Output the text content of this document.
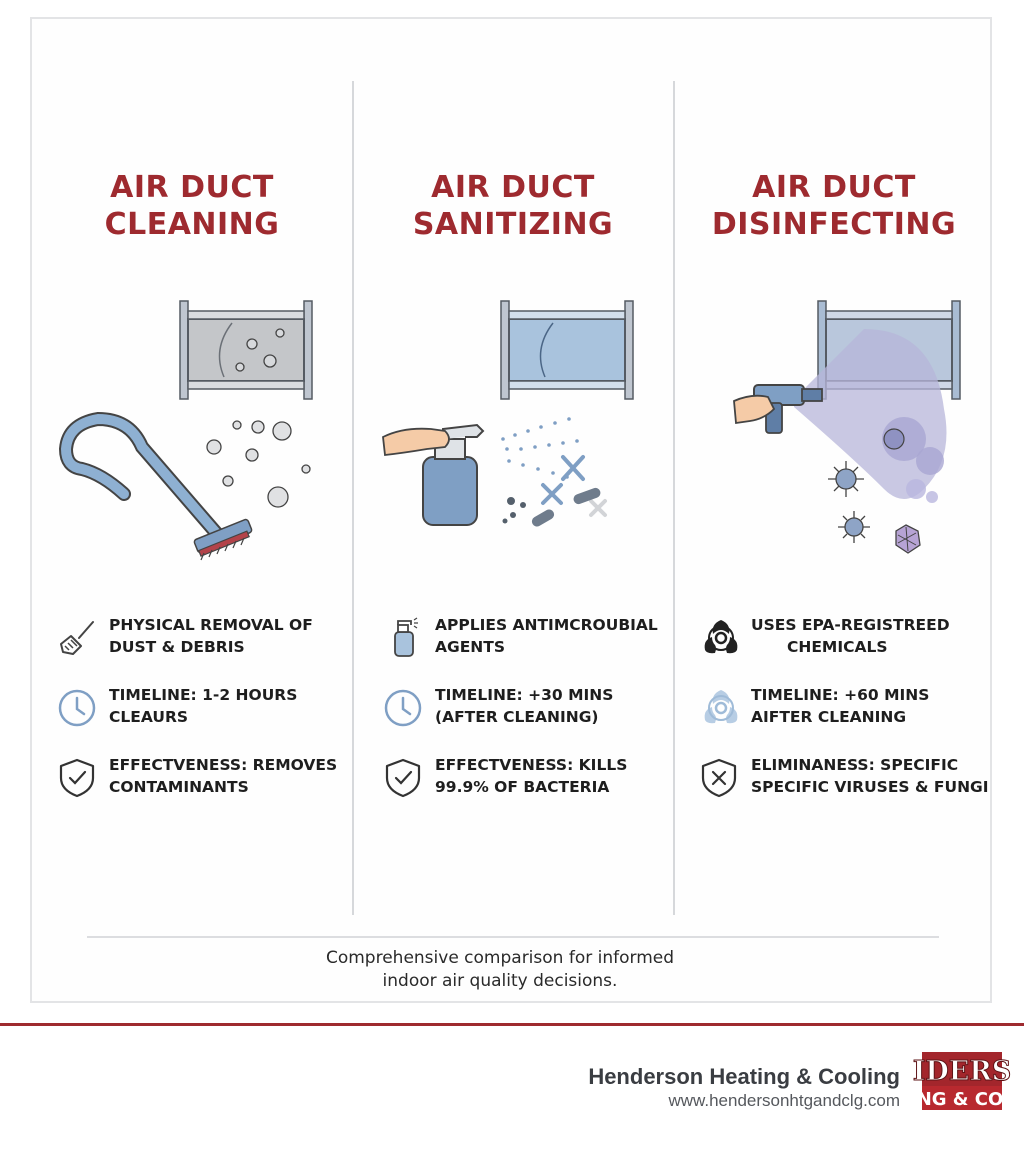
AIR DUCT
CLEANING
PHYSICAL REMOVAL OF
DUST & DEBRIS
TIMELINE: 1-2 HOURS
CLEAURS
EFFECTVENESS: REMOVES
CONTAMINANTS
AIR DUCT
SANITIZING
APPLIES ANTIMCROUBIAL
AGENTS
TIMELINE: +30 MINS
(AFTER CLEANING)
EFFECTVENESS: KILLS
99.9% OF BACTERIA
AIR DUCT
DISINFECTING
USES EPA-REGISTREED
CHEMICALS
TIMELINE: +60 MINS
AIFTER CLEANING
ELIMINANESS: SPECIFIC
SPECIFIC VIRUSES & FUNGI
Comprehensive comparison for informed
indoor air quality decisions.
Henderson Heating & Cooling
www.hendersonhtgandclg.com
IDERS
NG & CO
